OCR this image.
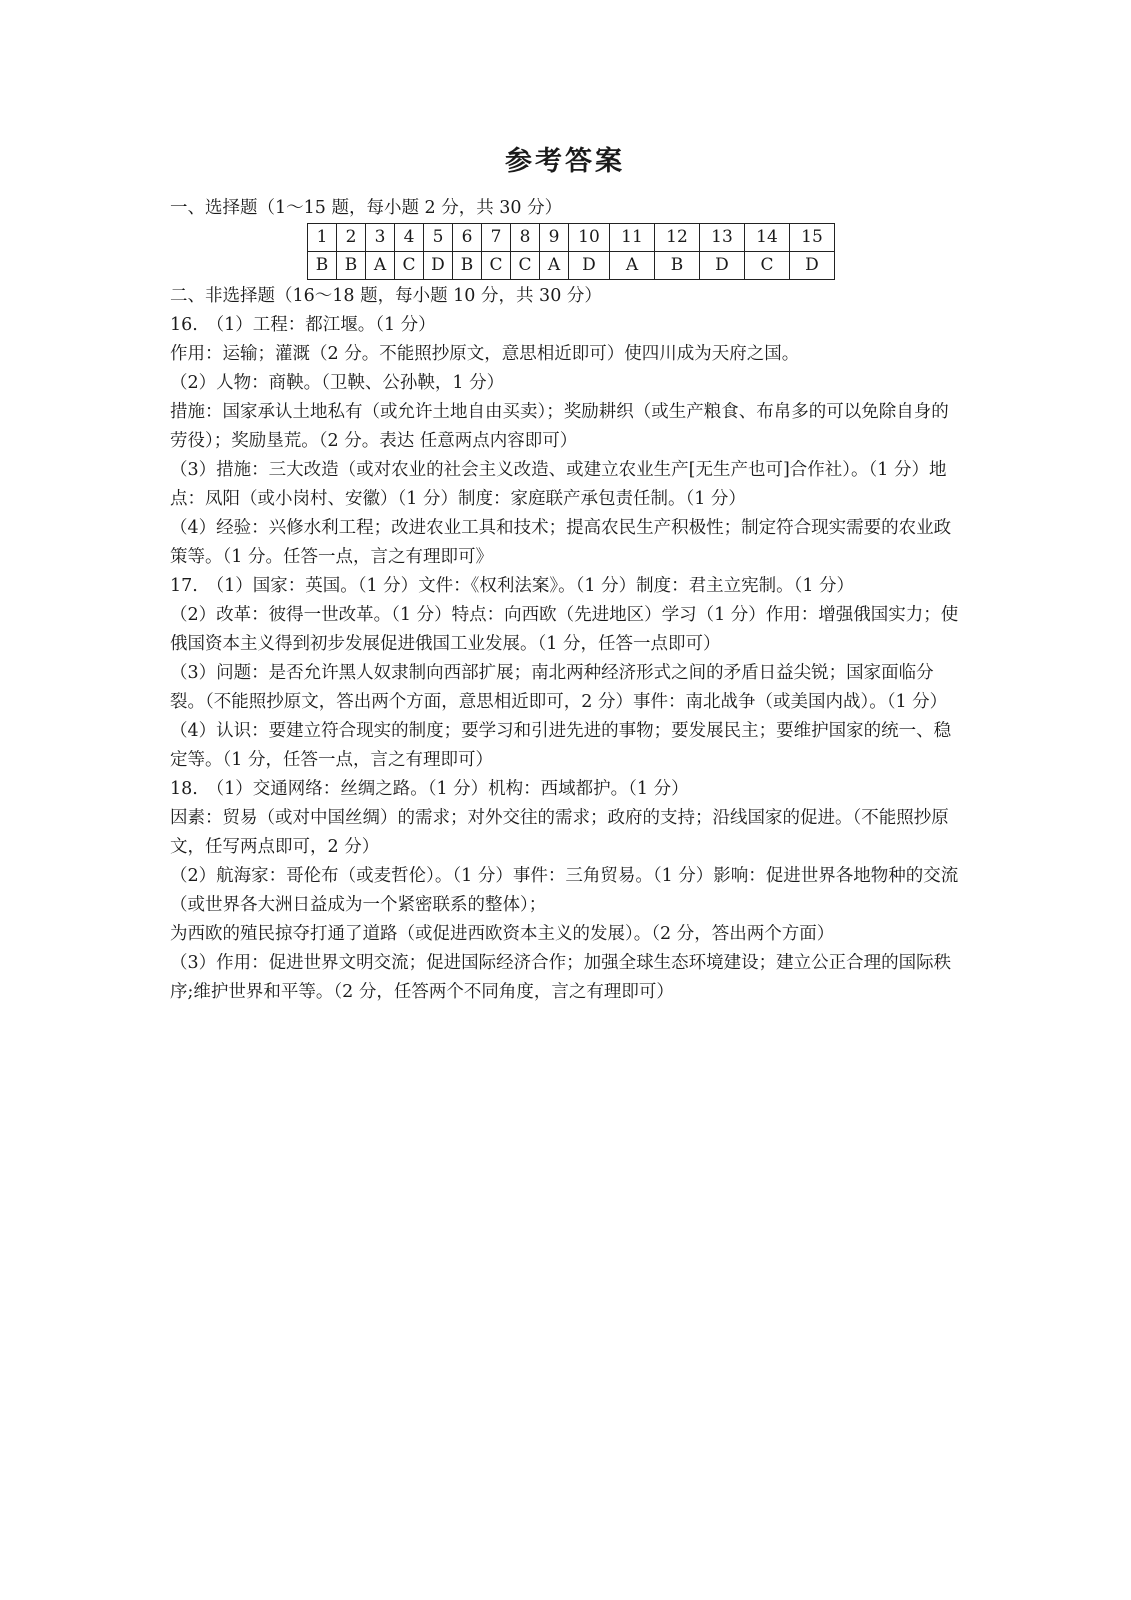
参考答案

一、选择题（1～15 题，每小题 2 分，共 30 分）

1	2	3	4	5	6	7	8	9	10	11	12	13	14	15
B	B	A	C	D	B	C	C	A	D	A	B	D	C	D

二、非选择题（16～18 题，每小题 10 分，共 30 分）

16.　（1）工程：都江堰。（1 分）

作用：运输；灌溉（2 分。不能照抄原文，意思相近即可）使四川成为天府之国。

（2）人物：商鞅。（卫鞅、公孙鞅，1 分）

措施：国家承认土地私有（或允许土地自由买卖）；奖励耕织（或生产粮食、布帛多的可以免除自身的劳役）；奖励垦荒。（2 分。表达 任意两点内容即可）

（3）措施：三大改造（或对农业的社会主义改造、或建立农业生产[无生产也可]合作社）。（1 分）地点：凤阳（或小岗村、安徽）（1 分）制度：家庭联产承包责任制。（1 分）

（4）经验：兴修水利工程；改进农业工具和技术；提高农民生产积极性；制定符合现实需要的农业政策等。（1 分。任答一点，言之有理即可》

17.　（1）国家：英国。（1 分）文件：《权利法案》。（1 分）制度：君主立宪制。（1 分）

（2）改革：彼得一世改革。（1 分）特点：向西欧（先进地区）学习（1 分）作用：增强俄国实力；使俄国资本主义得到初步发展促进俄国工业发展。（1 分，任答一点即可）

（3）问题：是否允许黑人奴隶制向西部扩展；南北两种经济形式之间的矛盾日益尖锐；国家面临分裂。（不能照抄原文，答出两个方面，意思相近即可，2 分）事件：南北战争（或美国内战）。（1 分）

（4）认识：要建立符合现实的制度；要学习和引进先进的事物；要发展民主；要维护国家的统一、稳定等。（1 分，任答一点，言之有理即可）

18.　（1）交通网络：丝绸之路。（1 分）机构：西域都护。（1 分）

因素：贸易（或对中国丝绸）的需求；对外交往的需求；政府的支持；沿线国家的促进。（不能照抄原文，任写两点即可，2 分）

（2）航海家：哥伦布（或麦哲伦）。（1 分）事件：三角贸易。（1 分）影响：促进世界各地物种的交流（或世界各大洲日益成为一个紧密联系的整体）；

为西欧的殖民掠夺打通了道路（或促进西欧资本主义的发展）。（2 分，答出两个方面）

（3）作用：促进世界文明交流；促进国际经济合作；加强全球生态环境建设；建立公正合理的国际秩序;维护世界和平等。（2 分，任答两个不同角度，言之有理即可）
